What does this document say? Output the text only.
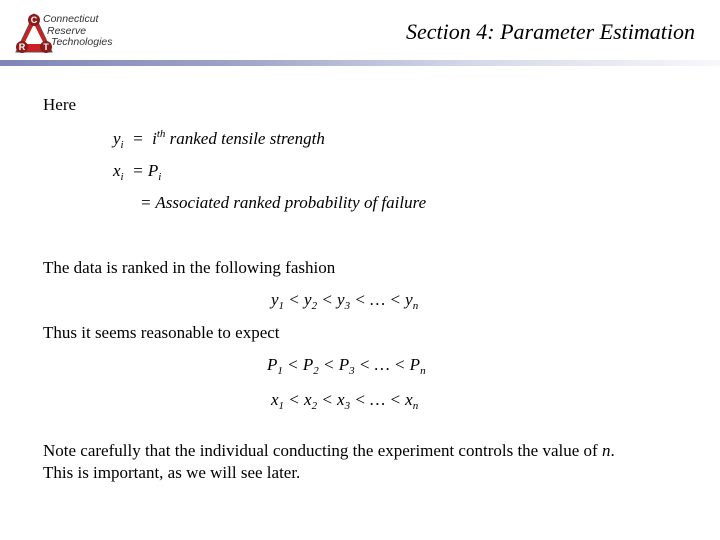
C
R T
Connecticut
Reserve
Technologies	Section 4: Parameter Estimation
Here
$y_i = i^{th}$ ranked tensile strength
$x_i = P_i$
= Associated ranked probability of failure
The data is ranked in the following fashion
$y_1 < y_2 < y_3$ < … < $y_n$
Thus it seems reasonable to expect
$P_1 < P_2 < P_3$ < … < $P_n$
$x_1 < x_2 < x_3$ < … < $x_n$
Note carefully that the individual conducting the experiment controls the value of n.
This is important, as we will see later.
